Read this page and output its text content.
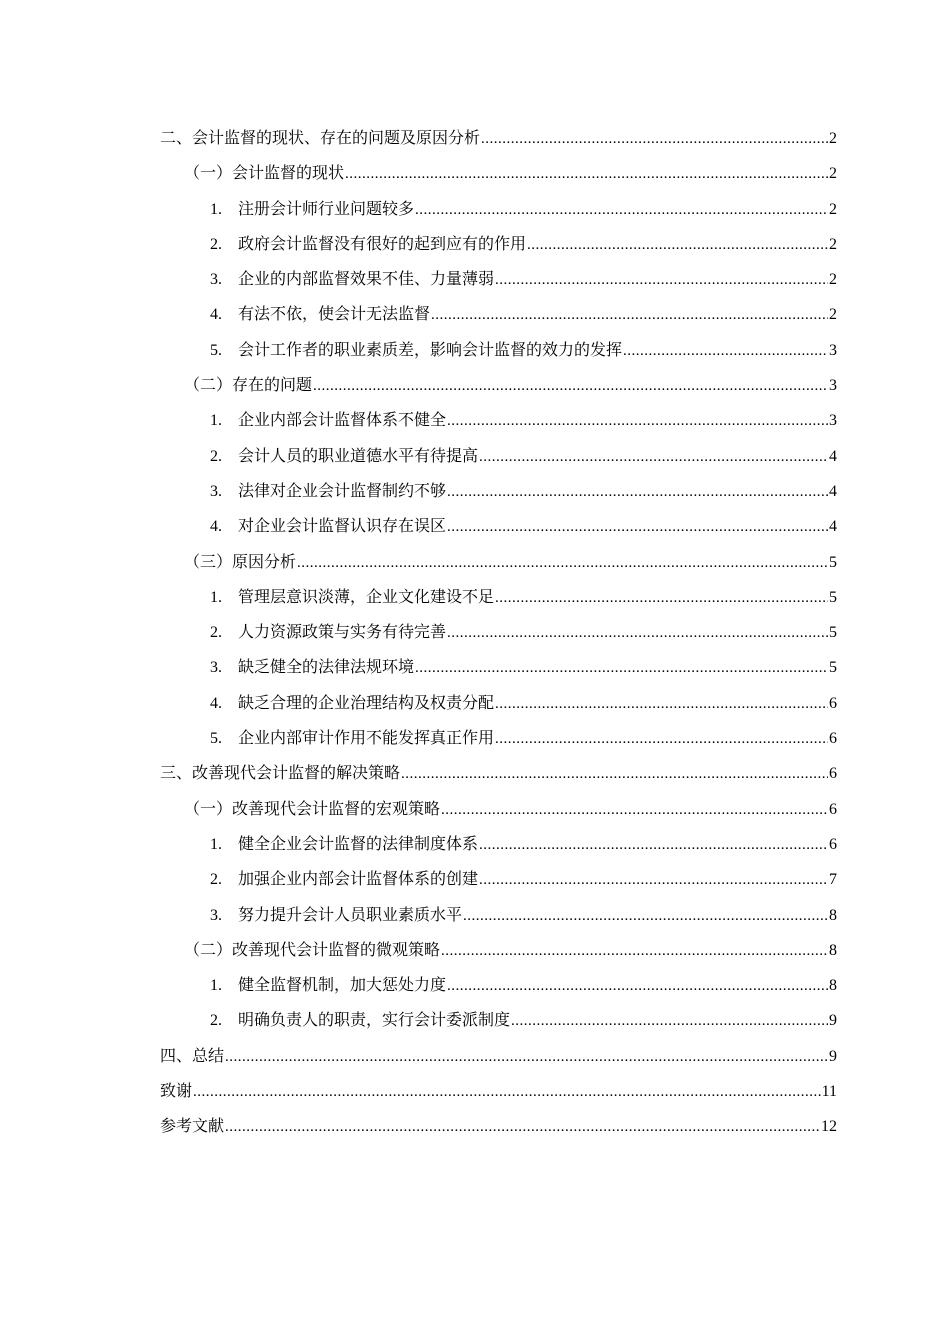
二、会计监督的现状、存在的问题及原因分析 .....	2
（一）会计监督的现状 .....	2
1.	注册会计师行业问题较多 .....	2
2.	政府会计监督没有很好的起到应有的作用 .....	2
3.	企业的内部监督效果不佳、力量薄弱 .....	2
4.	有法不依，使会计无法监督 .....	2
5.	会计工作者的职业素质差，影响会计监督的效力的发挥 .....	3
（二）存在的问题 .....	3
1.	企业内部会计监督体系不健全 .....	3
2.	会计人员的职业道德水平有待提高 .....	4
3.	法律对企业会计监督制约不够 .....	4
4.	对企业会计监督认识存在误区 .....	4
（三）原因分析 .....	5
1.	管理层意识淡薄，企业文化建设不足 .....	5
2.	人力资源政策与实务有待完善 .....	5
3.	缺乏健全的法律法规环境 .....	5
4.	缺乏合理的企业治理结构及权责分配 .....	6
5.	企业内部审计作用不能发挥真正作用 .....	6
三、改善现代会计监督的解决策略 .....	6
（一）改善现代会计监督的宏观策略 .....	6
1.	健全企业会计监督的法律制度体系 .....	6
2.	加强企业内部会计监督体系的创建 .....	7
3.	努力提升会计人员职业素质水平 .....	8
（二）改善现代会计监督的微观策略 .....	8
1.	健全监督机制，加大惩处力度 .....	8
2.	明确负责人的职责，实行会计委派制度 .....	9
四、总结 .....	9
致谢 .....	11
参考文献 .....	12
